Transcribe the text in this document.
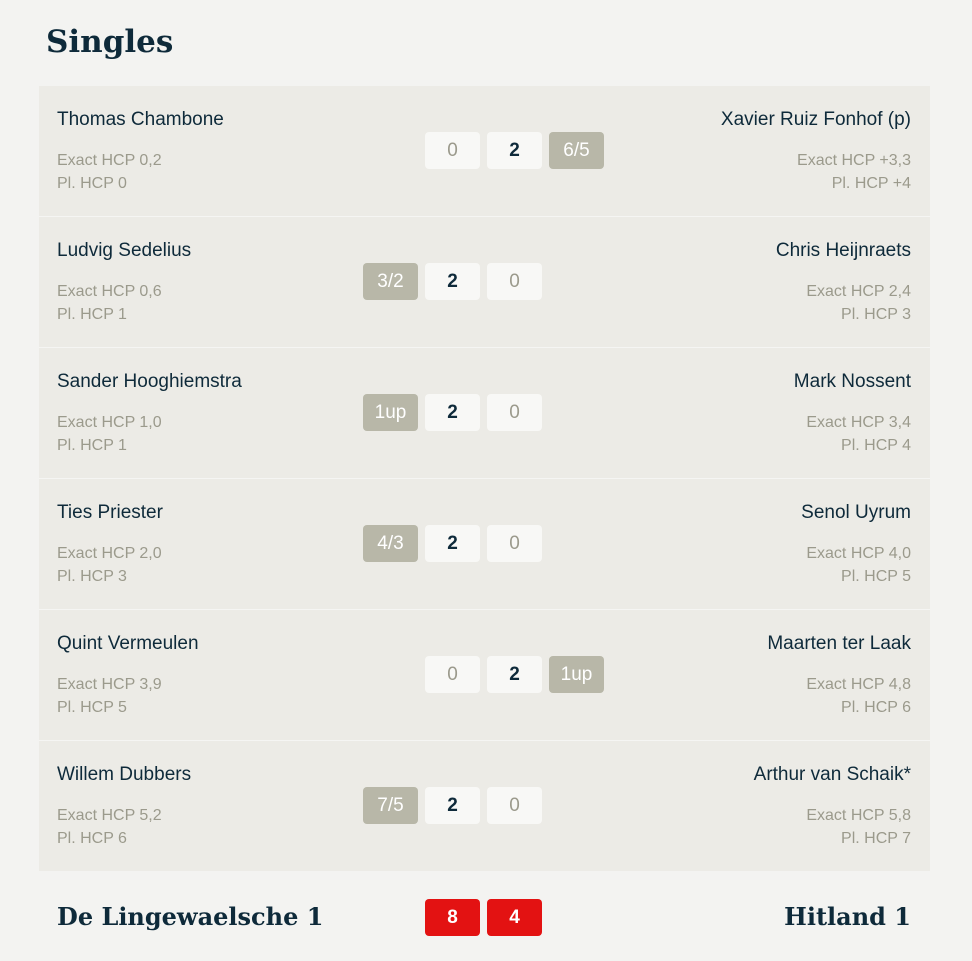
Singles
Thomas Chambone
Exact HCP 0,2
Pl. HCP 0
0	2	6/5
Xavier Ruiz Fonhof (p)
Exact HCP +3,3
Pl. HCP +4
Ludvig Sedelius
Exact HCP 0,6
Pl. HCP 1
3/2	2	0
Chris Heijnraets
Exact HCP 2,4
Pl. HCP 3
Sander Hooghiemstra
Exact HCP 1,0
Pl. HCP 1
1up	2	0
Mark Nossent
Exact HCP 3,4
Pl. HCP 4
Ties Priester
Exact HCP 2,0
Pl. HCP 3
4/3	2	0
Senol Uyrum
Exact HCP 4,0
Pl. HCP 5
Quint Vermeulen
Exact HCP 3,9
Pl. HCP 5
0	2	1up
Maarten ter Laak
Exact HCP 4,8
Pl. HCP 6
Willem Dubbers
Exact HCP 5,2
Pl. HCP 6
7/5	2	0
Arthur van Schaik*
Exact HCP 5,8
Pl. HCP 7
De Lingewaelsche 1	8	4	Hitland 1
